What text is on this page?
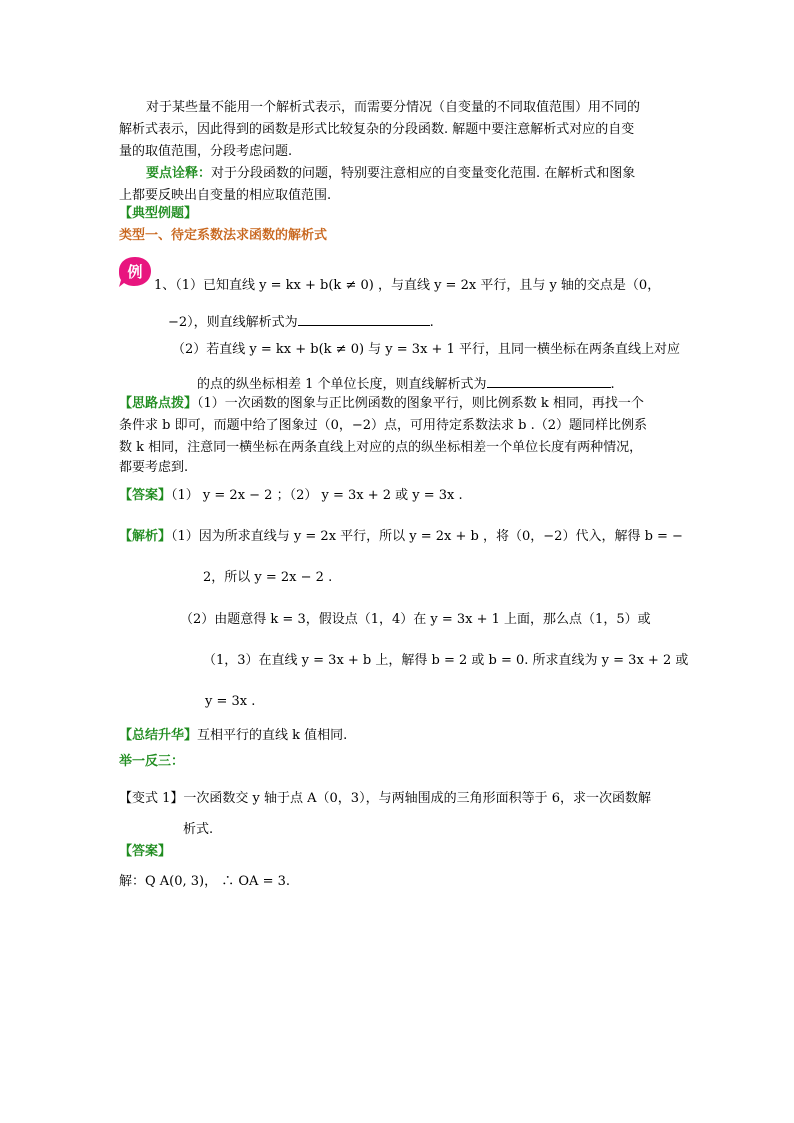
对于某些量不能用一个解析式表示，而需要分情况（自变量的不同取值范围）用不同的
解析式表示，因此得到的函数是形式比较复杂的分段函数. 解题中要注意解析式对应的自变
量的取值范围，分段考虑问题.
要点诠释：对于分段函数的问题，特别要注意相应的自变量变化范围. 在解析式和图象
上都要反映出自变量的相应取值范围.
【典型例题】
类型一、待定系数法求函数的解析式
例
1、（1）已知直线 y = kx + b(k ≠ 0) ，与直线 y = 2x 平行，且与 y 轴的交点是（0，
−2），则直线解析式为	.
（2）若直线 y = kx + b(k ≠ 0) 与 y = 3x + 1 平行，且同一横坐标在两条直线上对应
的点的纵坐标相差 1 个单位长度，则直线解析式为	.
【思路点拨】（1）一次函数的图象与正比例函数的图象平行，则比例系数 k 相同，再找一个
条件求 b 即可，而题中给了图象过（0，−2）点，可用待定系数法求 b .（2）题同样比例系
数 k 相同，注意同一横坐标在两条直线上对应的点的纵坐标相差一个单位长度有两种情况，
都要考虑到.
【答案】（1） y = 2x − 2 ；（2） y = 3x + 2 或 y = 3x .
【解析】（1）因为所求直线与 y = 2x 平行，所以 y = 2x + b ，将（0，−2）代入，解得 b = −
2，所以 y = 2x − 2 .
（2）由题意得 k = 3，假设点（1，4）在 y = 3x + 1 上面，那么点（1，5）或
（1，3）在直线 y = 3x + b 上，解得 b = 2 或 b = 0. 所求直线为 y = 3x + 2 或
y = 3x .
【总结升华】互相平行的直线 k 值相同.
举一反三：
【变式 1】一次函数交 y 轴于点 A（0，3），与两轴围成的三角形面积等于 6，求一次函数解
析式.
【答案】
解：Q A(0, 3)， ∴ OA = 3.
